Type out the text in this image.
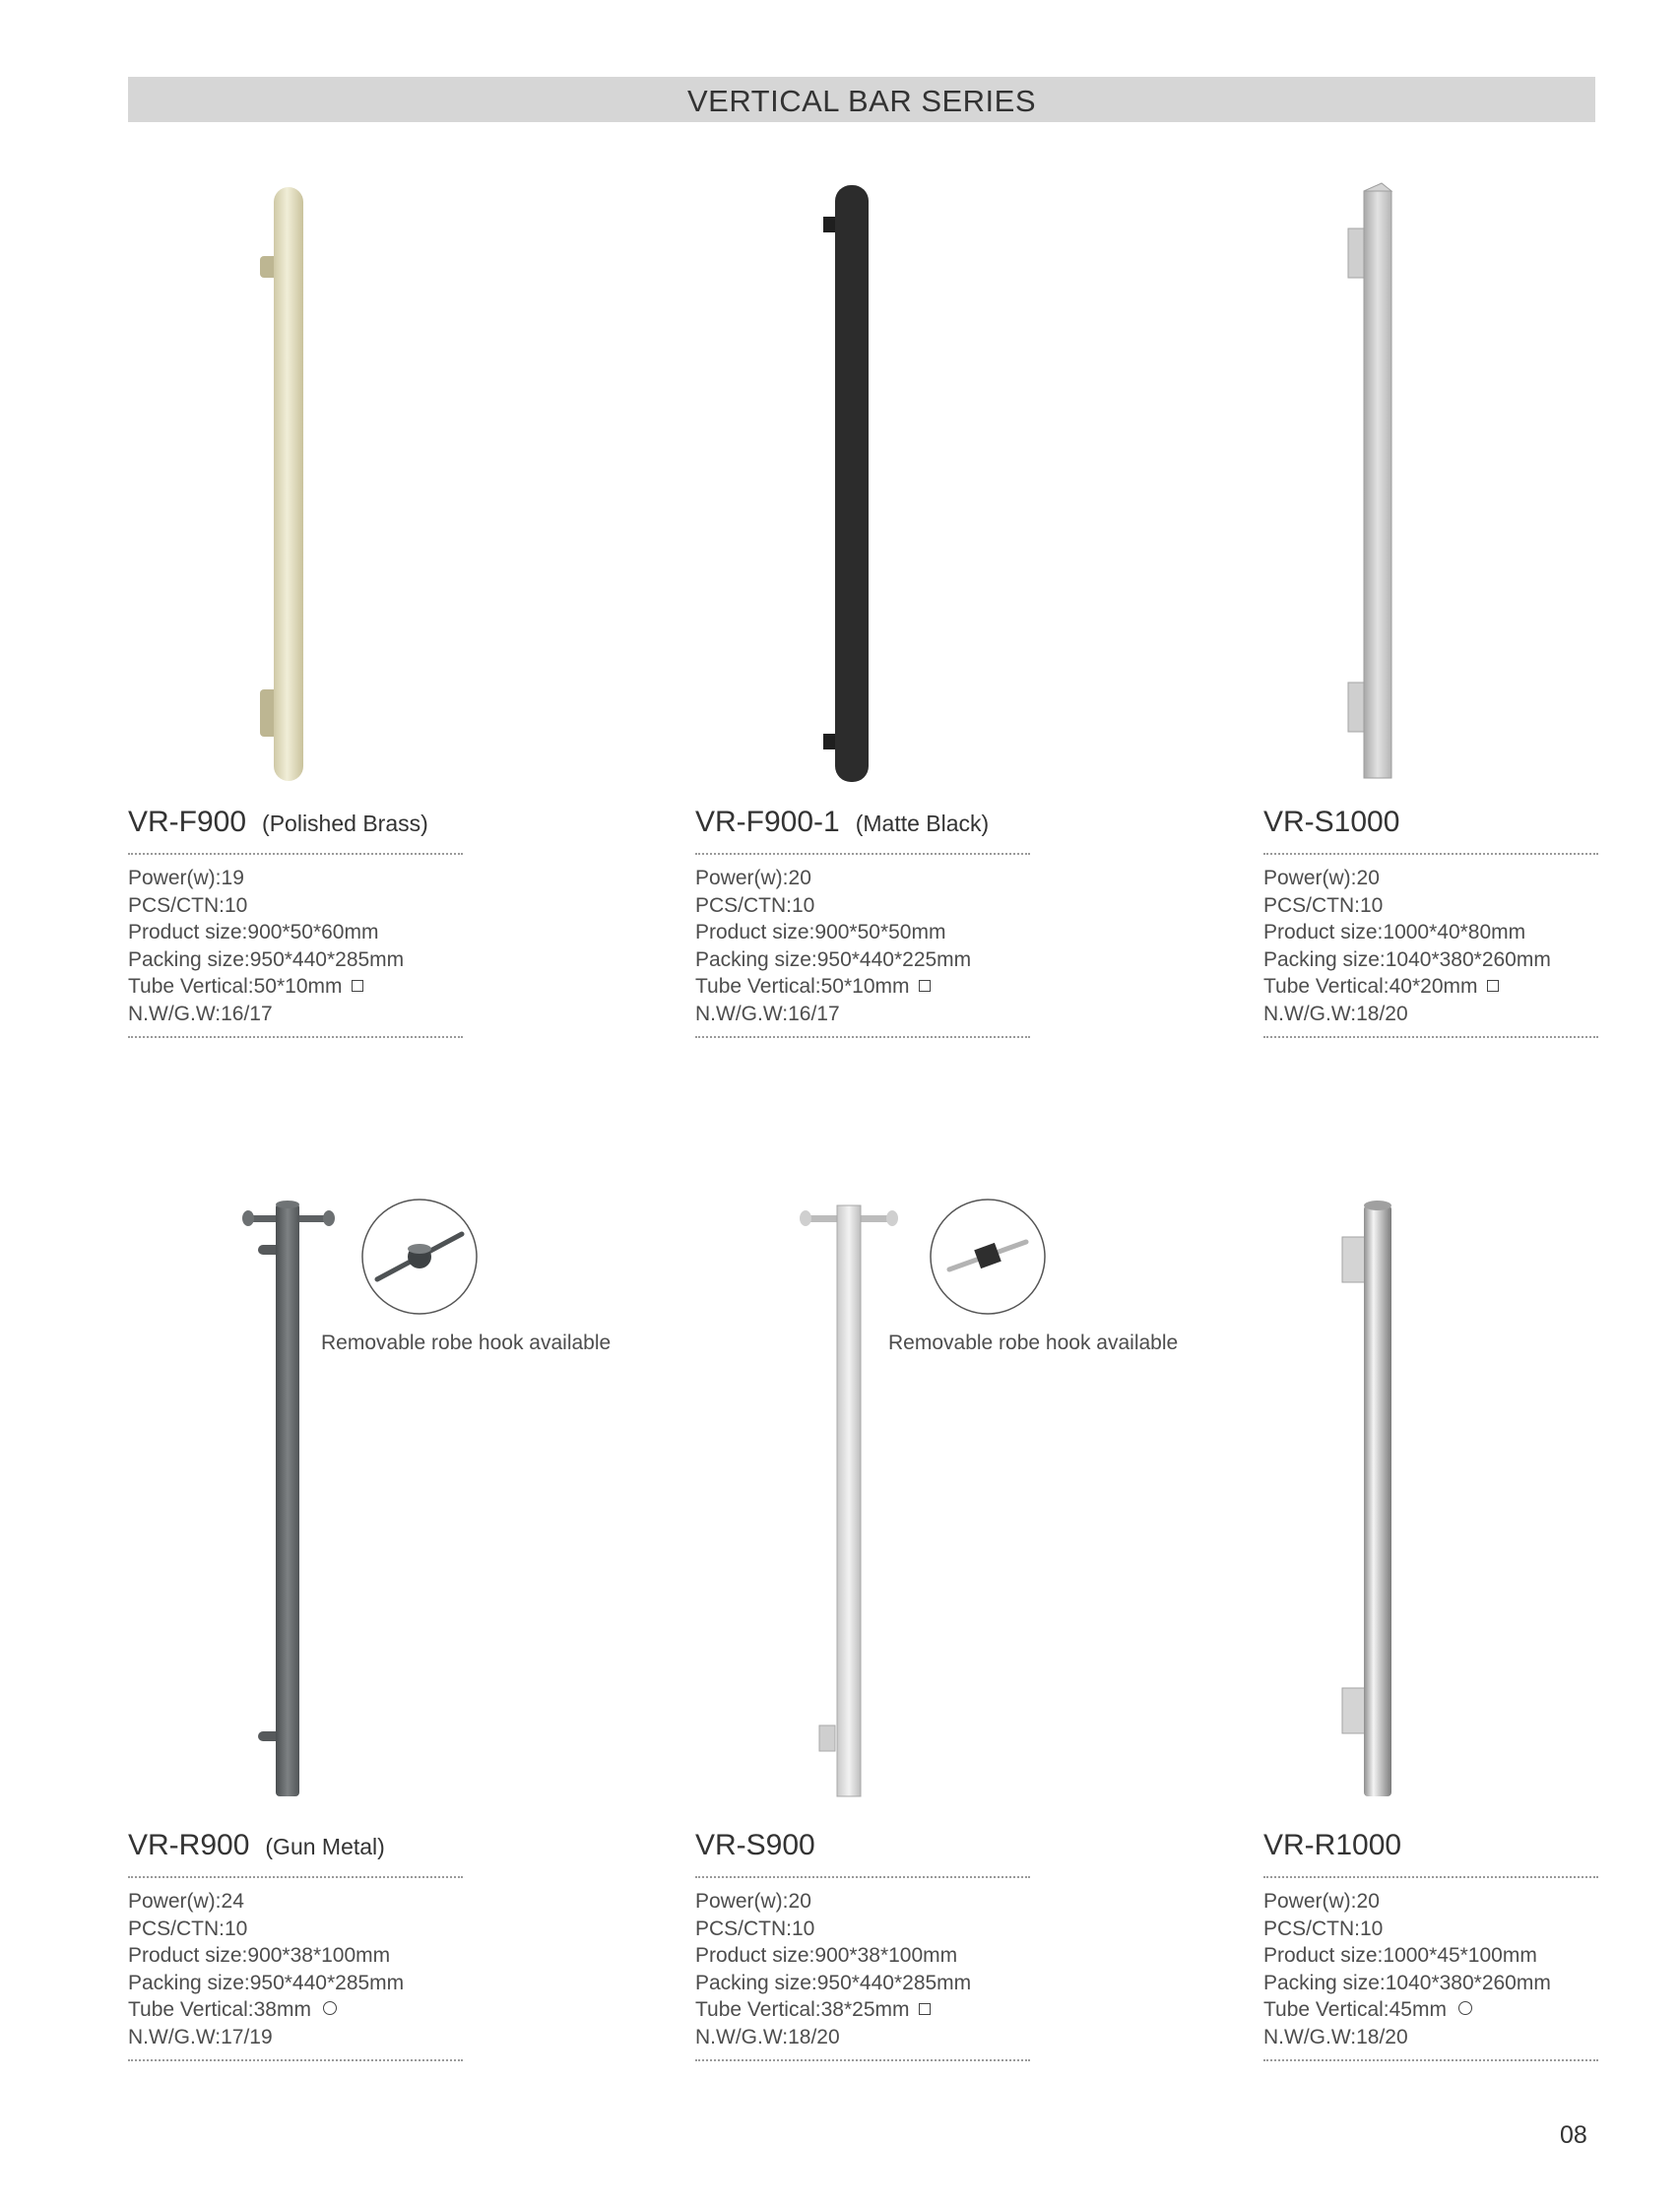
VERTICAL BAR SERIES
Removable robe hook available	Removable robe hook available
VR-F900 (Polished Brass)
Power(w):19
PCS/CTN:10
Product size:900*50*60mm
Packing size:950*440*285mm
Tube Vertical:50*10mm
N.W/G.W:16/17
VR-F900-1 (Matte Black)
Power(w):20
PCS/CTN:10
Product size:900*50*50mm
Packing size:950*440*225mm
Tube Vertical:50*10mm
N.W/G.W:16/17
VR-S1000
Power(w):20
PCS/CTN:10
Product size:1000*40*80mm
Packing size:1040*380*260mm
Tube Vertical:40*20mm
N.W/G.W:18/20
VR-R900 (Gun Metal)
Power(w):24
PCS/CTN:10
Product size:900*38*100mm
Packing size:950*440*285mm
Tube Vertical:38mm
N.W/G.W:17/19
VR-S900
Power(w):20
PCS/CTN:10
Product size:900*38*100mm
Packing size:950*440*285mm
Tube Vertical:38*25mm
N.W/G.W:18/20
VR-R1000
Power(w):20
PCS/CTN:10
Product size:1000*45*100mm
Packing size:1040*380*260mm
Tube Vertical:45mm
N.W/G.W:18/20
08
